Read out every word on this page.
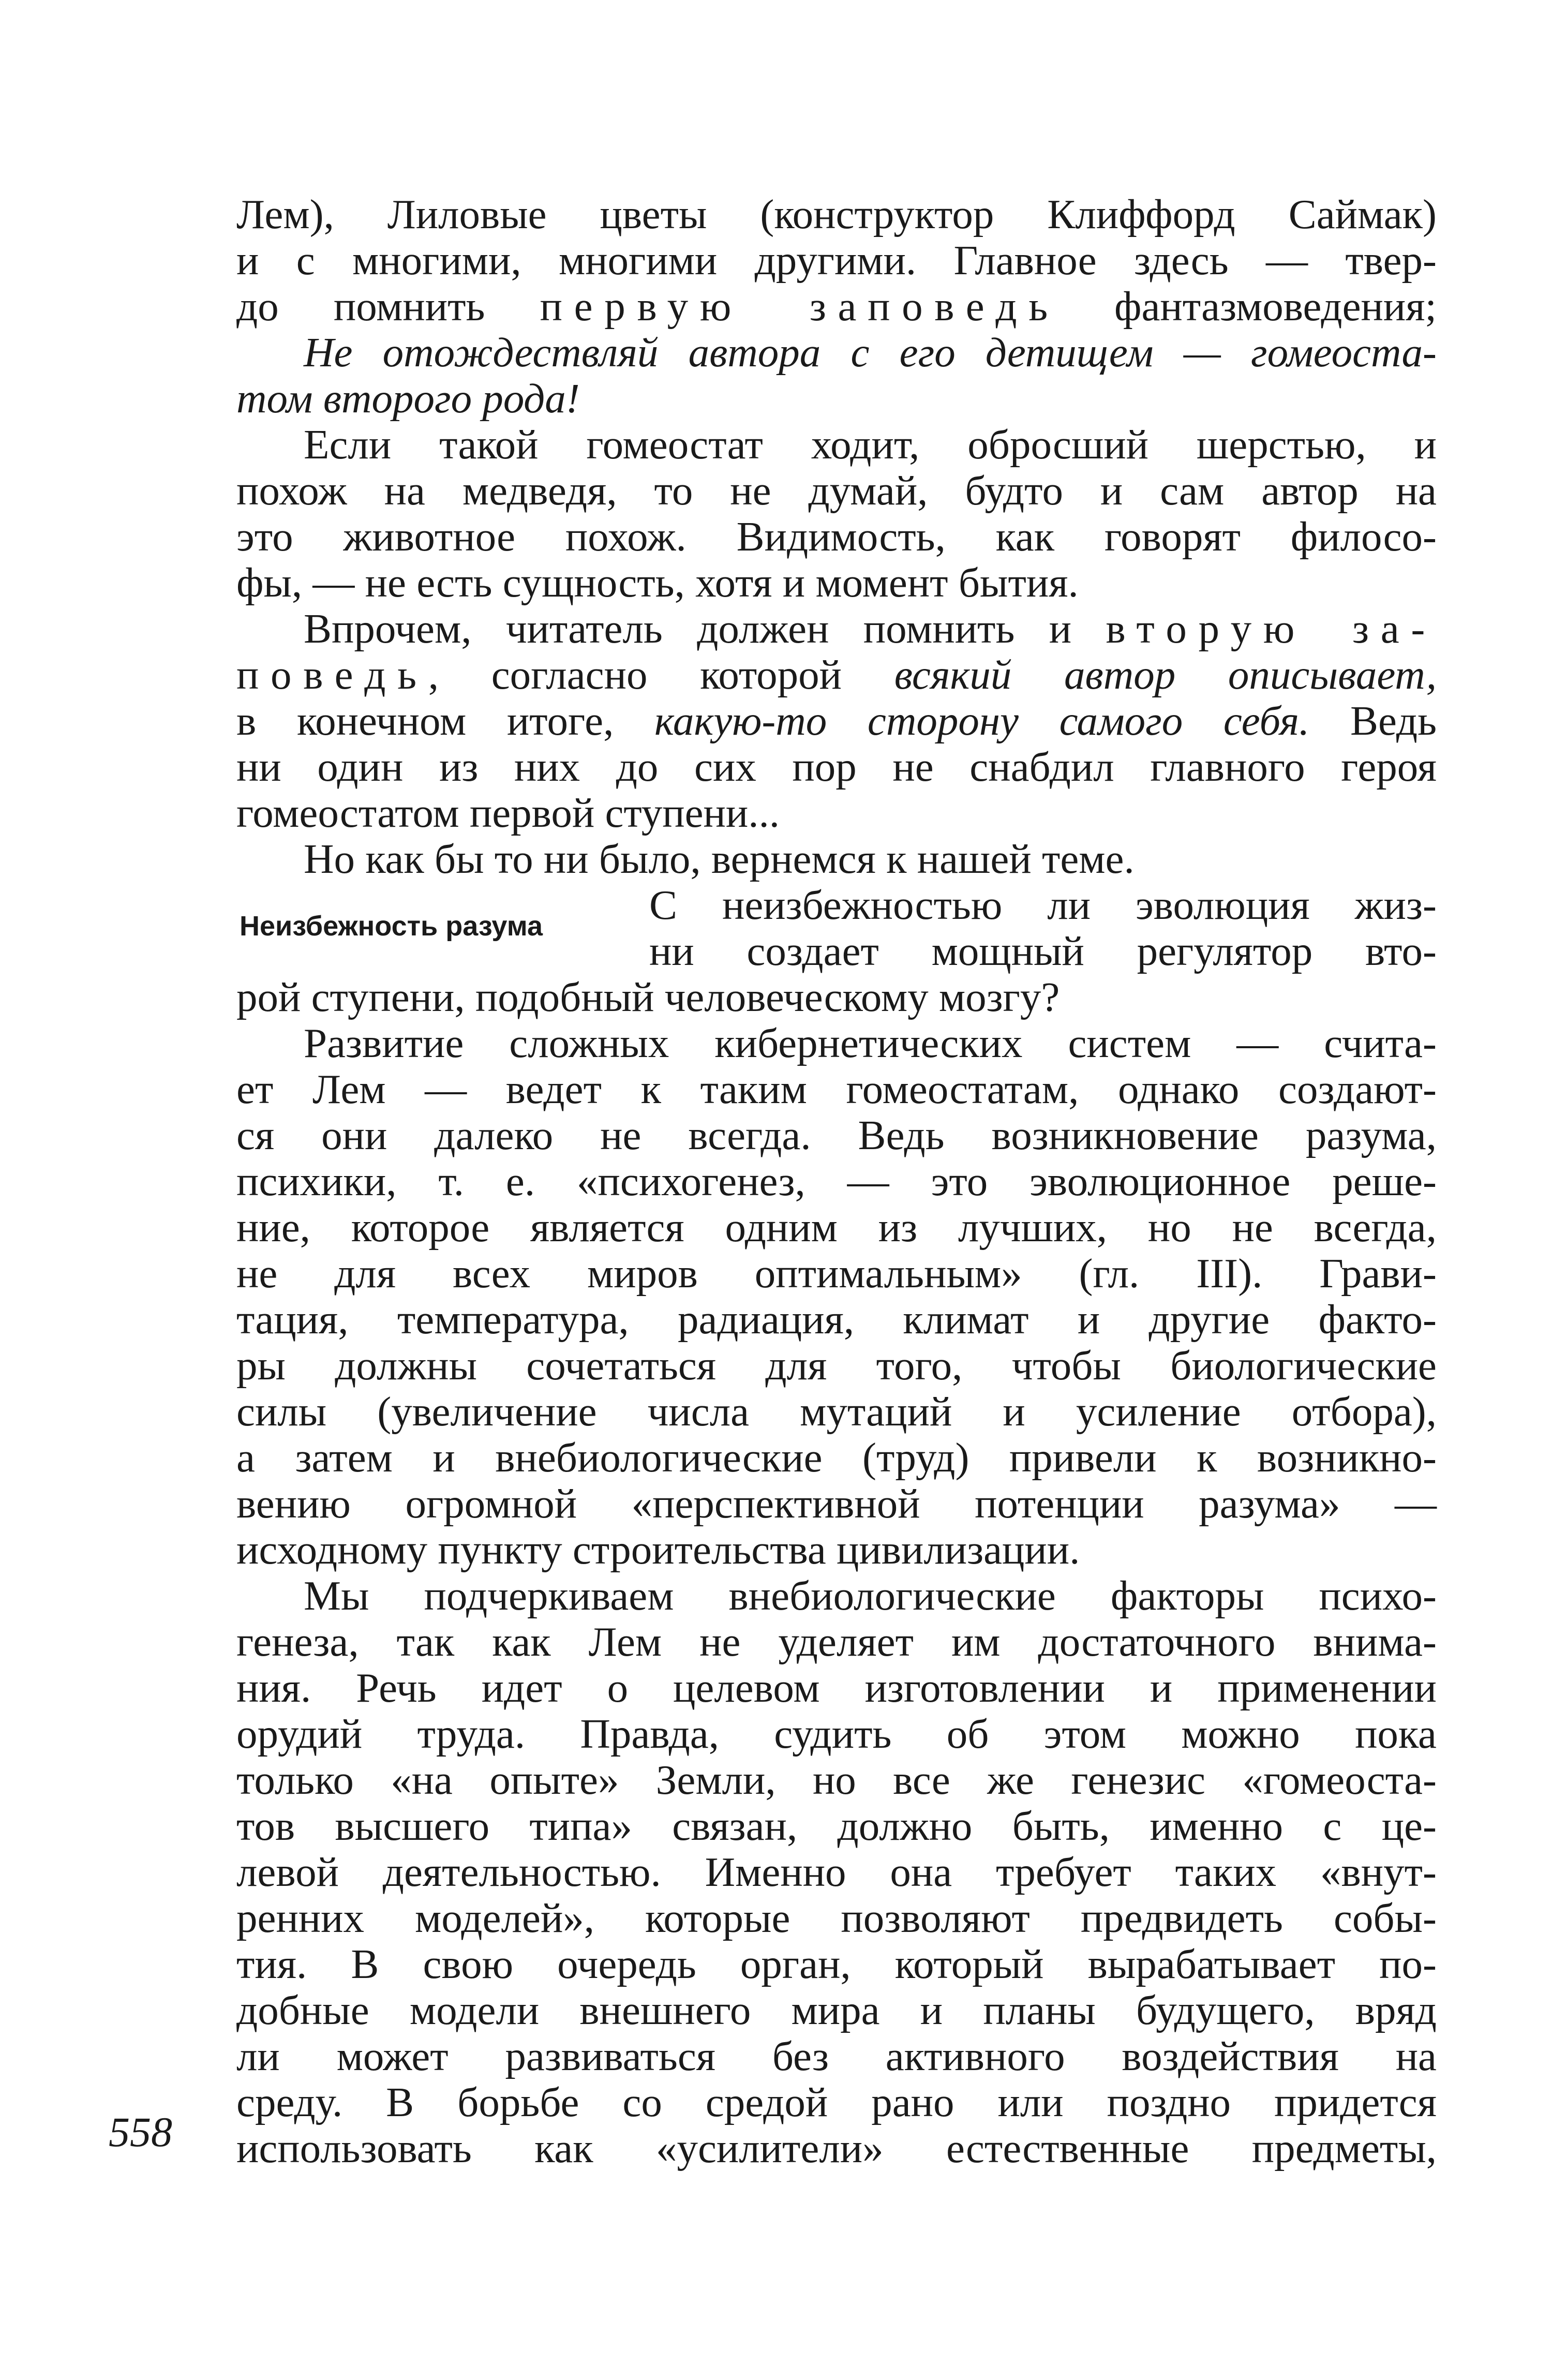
Лем), Лиловые цветы (конструктор Клиффорд Саймак)
и с многими, многими другими. Главное здесь — твер-
до помнить первую заповедь фантазмоведения;
Не отождествляй автора с его детищем — гомеоста-
том второго рода!
Если такой гомеостат ходит, обросший шерстью, и
похож на медведя, то не думай, будто и сам автор на
это животное похож. Видимость, как говорят филосо-
фы, — не есть сущность, хотя и момент бытия.
Впрочем, читатель должен помнить и вторую за-
поведь, согласно которой всякий автор описывает,
в конечном итоге, какую-то сторону самого себя. Ведь
ни один из них до сих пор не снабдил главного героя
гомеостатом первой ступени...
Но как бы то ни было, вернемся к нашей теме.
Неизбежность разума	С неизбежностью ли эволюция жиз-
ни создает мощный регулятор вто-
рой ступени, подобный человеческому мозгу?
Развитие сложных кибернетических систем — счита-
ет Лем — ведет к таким гомеостатам, однако создают-
ся они далеко не всегда. Ведь возникновение разума,
психики, т. е. «психогенез, — это эволюционное реше-
ние, которое является одним из лучших, но не всегда,
не для всех миров оптимальным» (гл. III). Грави-
тация, температура, радиация, климат и другие факто-
ры должны сочетаться для того, чтобы биологические
силы (увеличение числа мутаций и усиление отбора),
а затем и внебиологические (труд) привели к возникно-
вению огромной «перспективной потенции разума» —
исходному пункту строительства цивилизации.
Мы подчеркиваем внебиологические факторы психо-
генеза, так как Лем не уделяет им достаточного внима-
ния. Речь идет о целевом изготовлении и применении
орудий труда. Правда, судить об этом можно пока
только «на опыте» Земли, но все же генезис «гомеоста-
тов высшего типа» связан, должно быть, именно с це-
левой деятельностью. Именно она требует таких «внут-
ренних моделей», которые позволяют предвидеть собы-
тия. В свою очередь орган, который вырабатывает по-
добные модели внешнего мира и планы будущего, вряд
ли может развиваться без активного воздействия на
среду. В борьбе со средой рано или поздно придется
использовать как «усилители» естественные предметы,
558
